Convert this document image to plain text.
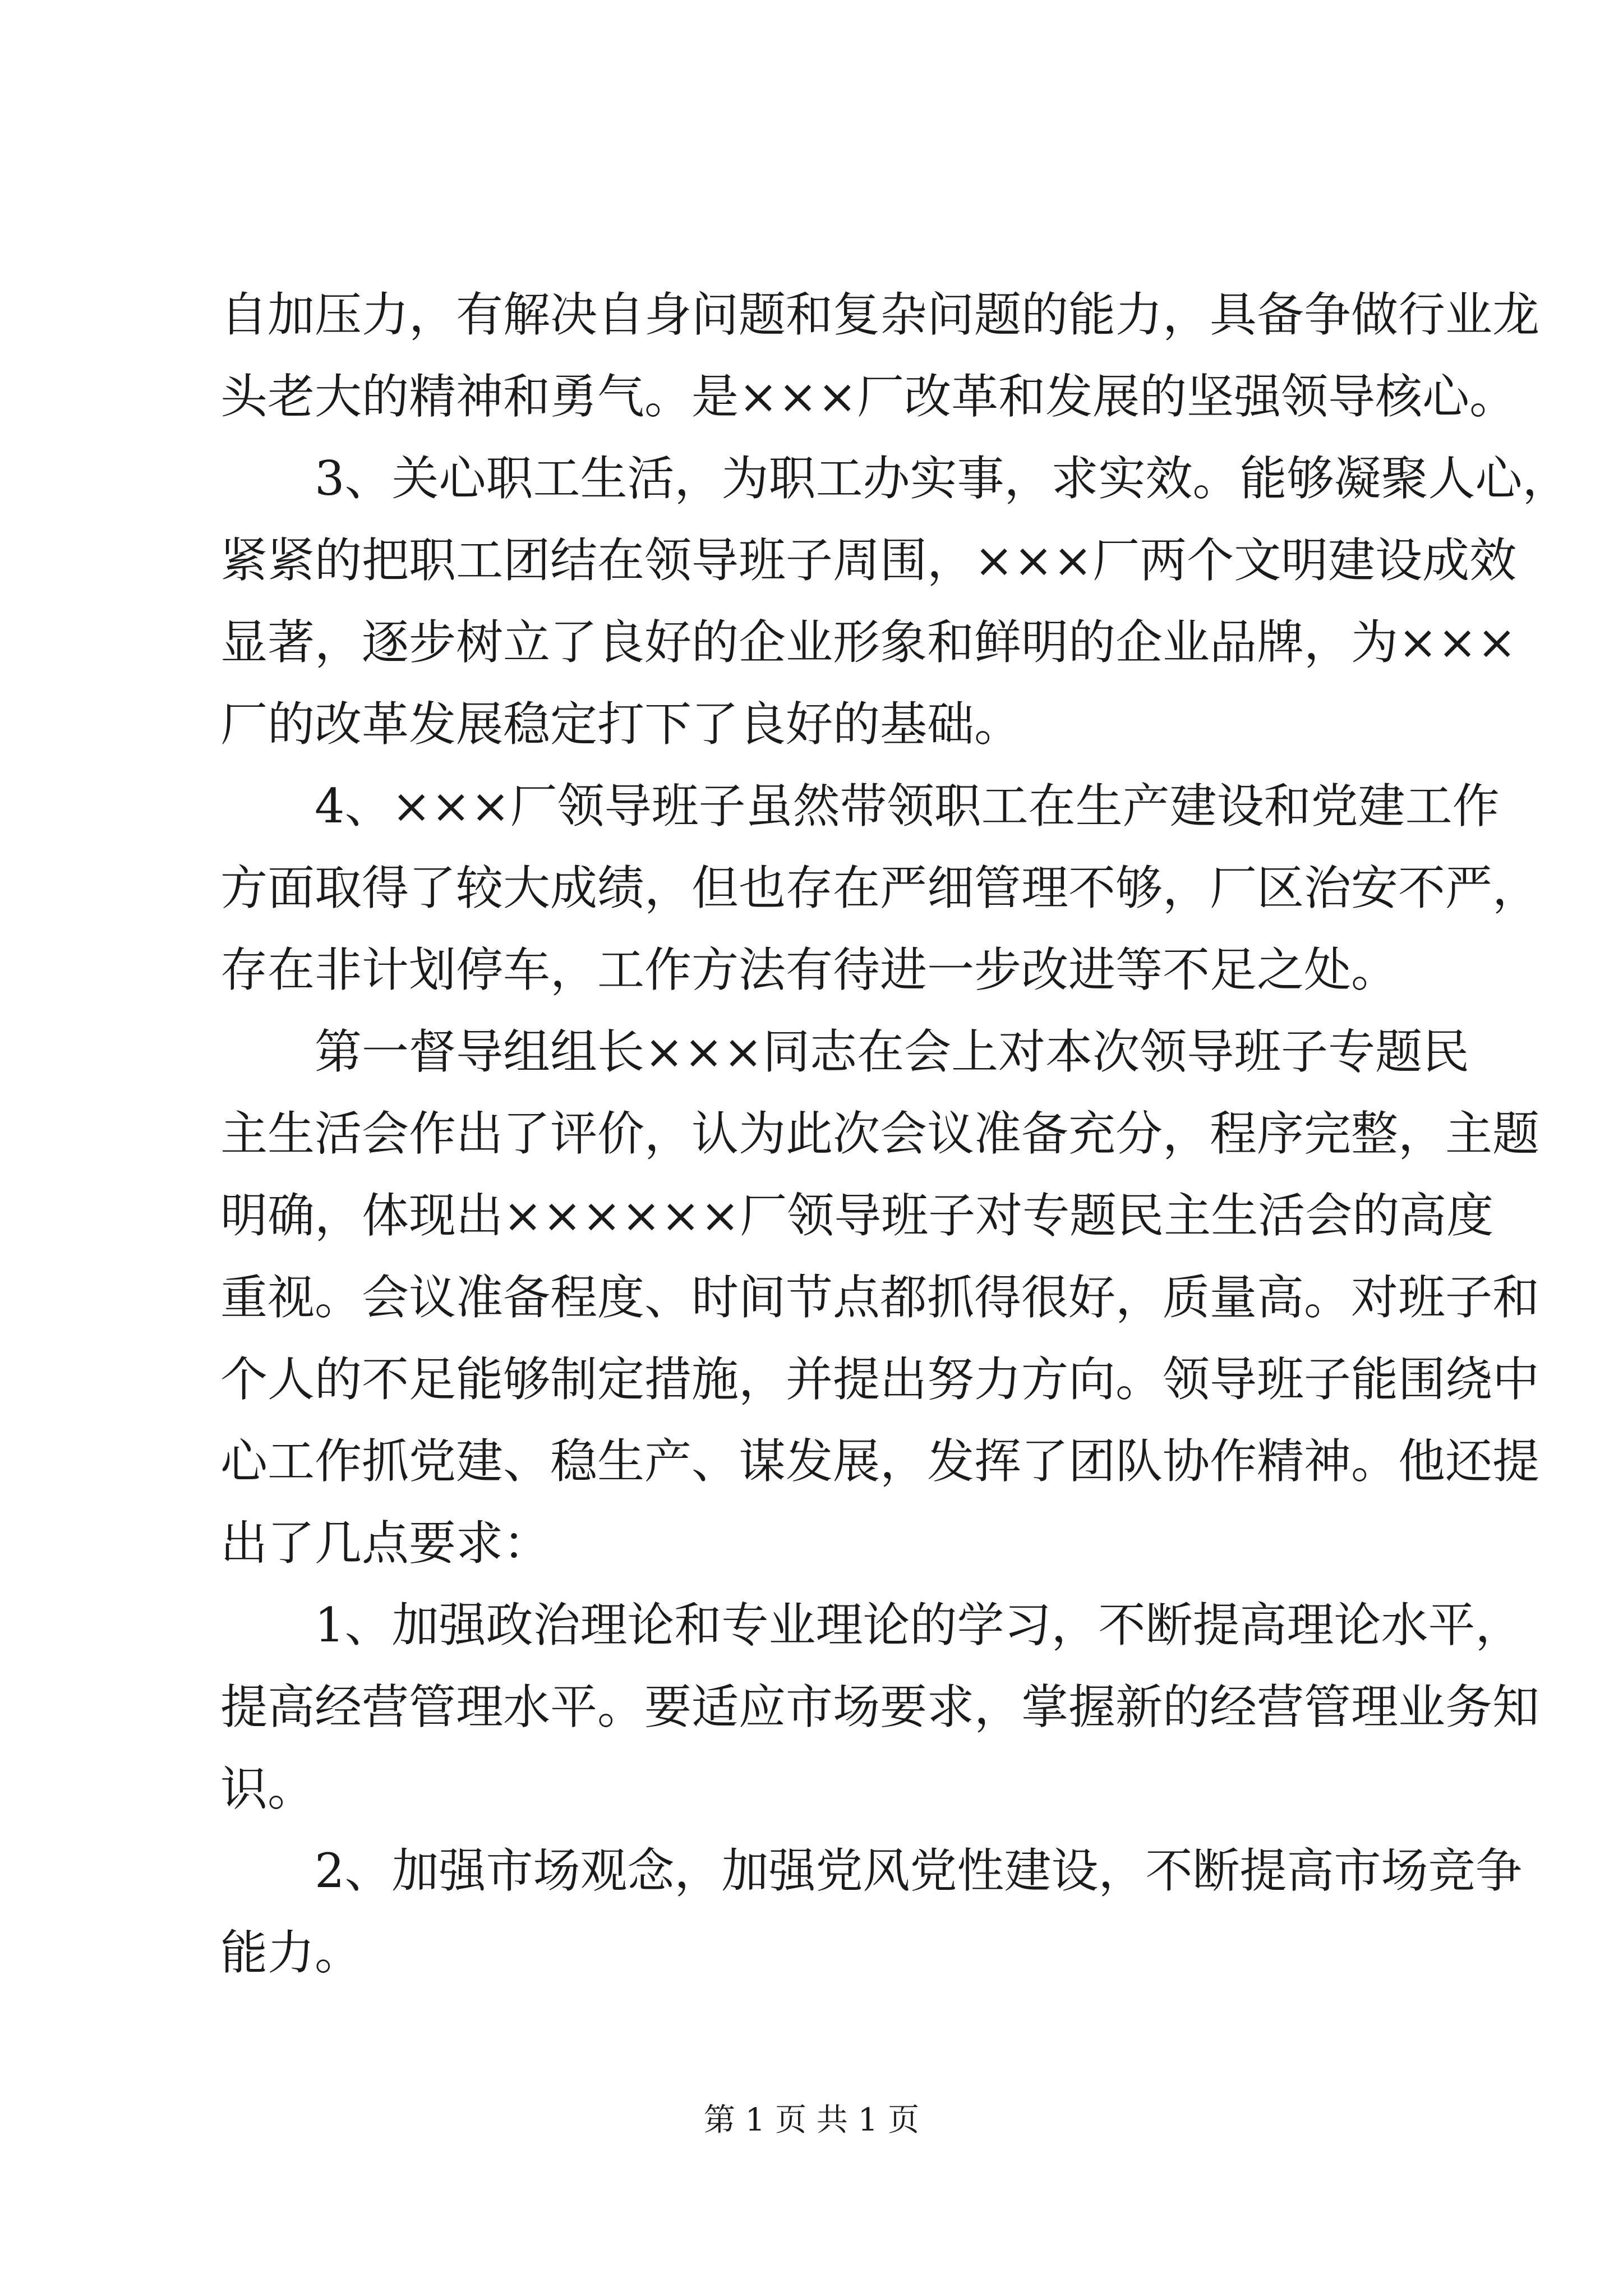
自加压力，有解决自身问题和复杂问题的能力，具备争做行业龙

头老大的精神和勇气。是×××厂改革和发展的坚强领导核心。

3、关心职工生活，为职工办实事，求实效。能够凝聚人心，

紧紧的把职工团结在领导班子周围，×××厂两个文明建设成效

显著，逐步树立了良好的企业形象和鲜明的企业品牌，为×××

厂的改革发展稳定打下了良好的基础。

4、×××厂领导班子虽然带领职工在生产建设和党建工作

方面取得了较大成绩，但也存在严细管理不够，厂区治安不严，

存在非计划停车，工作方法有待进一步改进等不足之处。

第一督导组组长×××同志在会上对本次领导班子专题民

主生活会作出了评价，认为此次会议准备充分，程序完整，主题

明确，体现出××××××厂领导班子对专题民主生活会的高度

重视。会议准备程度、时间节点都抓得很好，质量高。对班子和

个人的不足能够制定措施，并提出努力方向。领导班子能围绕中

心工作抓党建、稳生产、谋发展，发挥了团队协作精神。他还提

出了几点要求：

1、加强政治理论和专业理论的学习，不断提高理论水平，

提高经营管理水平。要适应市场要求，掌握新的经营管理业务知

识。

2、加强市场观念，加强党风党性建设，不断提高市场竞争

能力。

第 1 页 共 1 页
